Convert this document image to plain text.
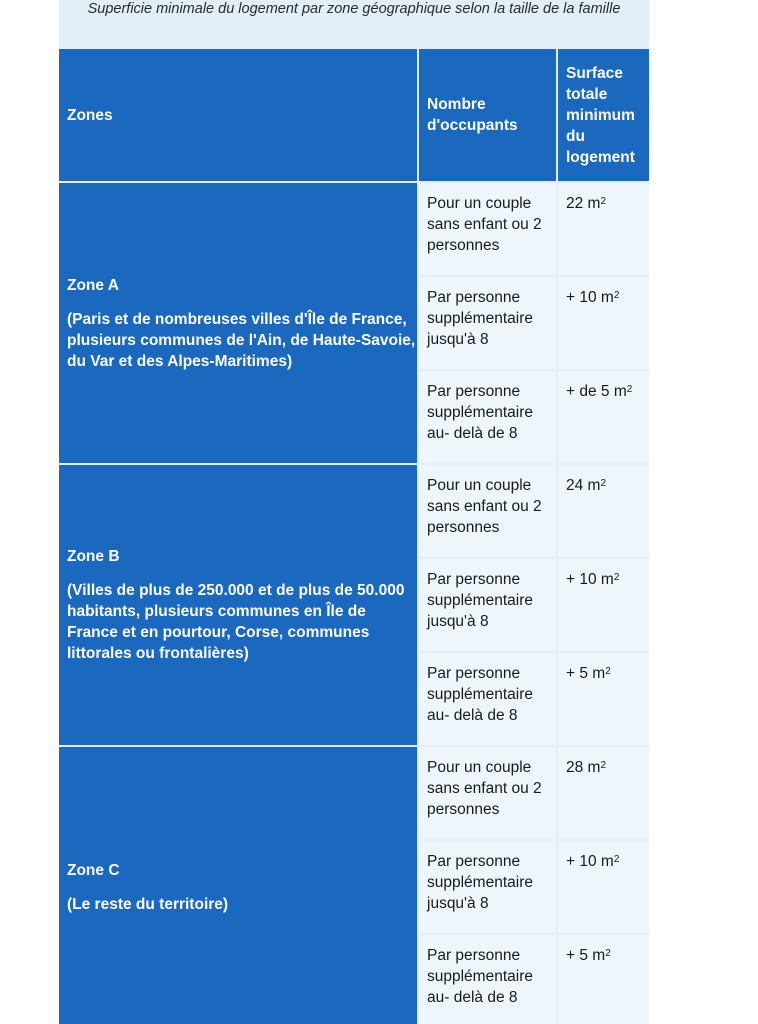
Superficie minimale du logement par zone géographique selon la taille de la famille
Zones	Nombre d'occupants	Surface totale minimum du logement

Zone A
(Paris et de nombreuses villes d'Île de France, plusieurs communes de l'Ain, de Haute-Savoie, du Var et des Alpes-Maritimes)	Pour un couple sans enfant ou 2 personnes	22 $m^2$
	Par personne supplémentaire jusqu'à 8	+ 10 $m^2$
	Par personne supplémentaire au- delà de 8	+ de 5 $m^2$

Zone B
(Villes de plus de 250.000 et de plus de 50.000 habitants, plusieurs communes en Île de France et en pourtour, Corse, communes littorales ou frontalières)	Pour un couple sans enfant ou 2 personnes	24 $m^2$
	Par personne supplémentaire jusqu'à 8	+ 10 $m^2$
	Par personne supplémentaire au- delà de 8	+ 5 $m^2$

Zone C
(Le reste du territoire)	Pour un couple sans enfant ou 2 personnes	28 $m^2$
	Par personne supplémentaire jusqu'à 8	+ 10 $m^2$
	Par personne supplémentaire au- delà de 8	+ 5 $m^2$
